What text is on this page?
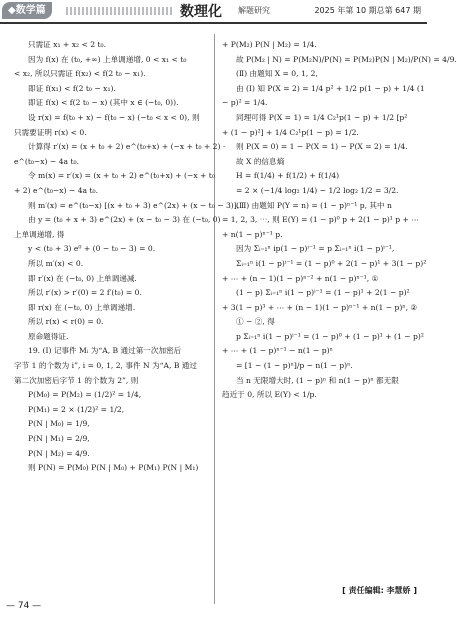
◆数学篇	数理化 解题研究	2025 年第 10 期总第 647 期
只需证 x₁ + x₂ < 2 t₀.
因为 f(x) 在 (t₀, +∞) 上单调递增, 0 < x₁ < t₀
< x₂, 所以只需证 f(x₂) < f(2 t₀ − x₁).
即证 f(x₁) < f(2 t₀ − x₁).
即证 f(x) < f(2 t₀ − x) (其中 x ∈ (−t₀, 0)).
设 r(x) = f(t₀ + x) − f(t₀ − x) (−t₀ < x < 0), 则
只需要证明 r(x) < 0.
计算得 r′(x) = (x + t₀ + 2) e^(t₀+x) + (−x + t₀ + 2) ·
e^(t₀−x) − 4a t₀.
令 m(x) = r′(x) = (x + t₀ + 2) e^(t₀+x) + (−x + t₀
+ 2) e^(t₀−x) − 4a t₀.
则 m′(x) = e^(t₀−x) [(x + t₀ + 3) e^(2x) + (x − t₀ − 3)].
由 y = (t₀ + x + 3) e^(2x) + (x − t₀ − 3) 在 (−t₀, 0)
上单调递增, 得
y < (t₀ + 3) e⁰ + (0 − t₀ − 3) = 0.
所以 m′(x) < 0.
即 r′(x) 在 (−t₀, 0) 上单调递减.
所以 r′(x) > r′(0) = 2 f′(t₀) = 0.
即 r(x) 在 (−t₀, 0) 上单调递增.
所以 r(x) < r(0) = 0.
原命题得证.
19. (Ⅰ) 记事件 Mᵢ 为“A, B 通过第一次加密后
字节 1 的个数为 i”, i = 0, 1, 2, 事件 N 为“A, B 通过
第二次加密后字节 1 的个数为 2”, 则
P(M₀) = P(M₂) = (1/2)² = 1/4,
P(M₁) = 2 × (1/2)² = 1/2,
P(N | M₀) = 1/9,
P(N | M₁) = 2/9,
P(N | M₂) = 4/9.
则 P(N) = P(M₀) P(N | M₀) + P(M₁) P(N | M₁)
+ P(M₂) P(N | M₂) = 1/4.
故 P(M₂ | N) = P(M₂N)/P(N) = P(M₂)P(N | M₂)/P(N) = 4/9.
(Ⅱ) 由题知 X = 0, 1, 2,
由 (Ⅰ) 知 P(X = 2) = 1/4 p² + 1/2 p(1 − p) + 1/4 (1
− p)² = 1/4.
同理可得 P(X = 1) = 1/4 C₂¹p(1 − p) + 1/2 [p²
+ (1 − p)²] + 1/4 C₂¹p(1 − p) = 1/2.
则 P(X = 0) = 1 − P(X = 1) − P(X = 2) = 1/4.
故 X 的信息熵
H = f(1/4) + f(1/2) + f(1/4)
= 2 × (−1/4 log₂ 1/4) − 1/2 log₂ 1/2 = 3/2.
(Ⅲ) 由题知 P(Y = n) = (1 − p)ⁿ⁻¹ p, 其中 n
= 1, 2, 3, ⋯, 则 E(Y) = (1 − p)⁰ p + 2(1 − p)¹ p + ⋯
+ n(1 − p)ⁿ⁻¹ p.
因为 Σᵢ₌₁ⁿ ip(1 − p)ⁱ⁻¹ = p Σᵢ₌₁ⁿ i(1 − p)ⁱ⁻¹,
Σᵢ₌₁ⁿ i(1 − p)ⁱ⁻¹ = (1 − p)⁰ + 2(1 − p)¹ + 3(1 − p)²
+ ⋯ + (n − 1)(1 − p)ⁿ⁻² + n(1 − p)ⁿ⁻¹, ①
(1 − p) Σᵢ₌₁ⁿ i(1 − p)ⁱ⁻¹ = (1 − p)¹ + 2(1 − p)²
+ 3(1 − p)³ + ⋯ + (n − 1)(1 − p)ⁿ⁻¹ + n(1 − p)ⁿ, ②
① − ②, 得
p Σᵢ₌₁ⁿ i(1 − p)ⁱ⁻¹ = (1 − p)⁰ + (1 − p)¹ + (1 − p)²
+ ⋯ + (1 − p)ⁿ⁻¹ − n(1 − p)ⁿ
= [1 − (1 − p)ⁿ]/p − n(1 − p)ⁿ.
当 n 无限增大时, (1 − p)ⁿ 和 n(1 − p)ⁿ 都无限
趋近于 0, 所以 E(Y) < 1/p.
— 74 —
[ 责任编辑: 李慧娇 ]
